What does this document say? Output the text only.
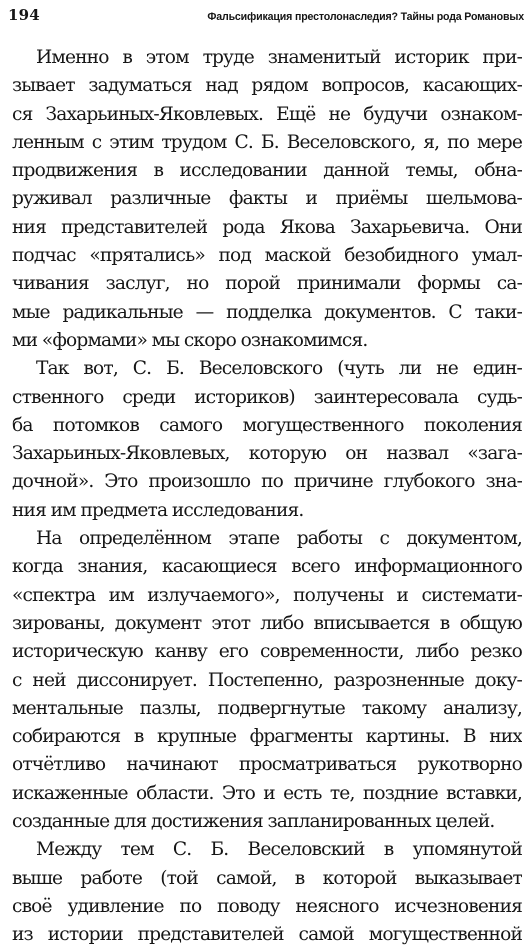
194	Фальсификация престолонаследия? Тайны рода Романовых

Именно в этом труде знаменитый историк при-
зывает задуматься над рядом вопросов, касающих-
ся Захарьиных-Яковлевых. Ещё не будучи ознаком-
ленным с этим трудом С. Б. Веселовского, я, по мере
продвижения в исследовании данной темы, обна-
руживал различные факты и приёмы шельмова-
ния представителей рода Якова Захарьевича. Они
подчас «прятались» под маской безобидного умал-
чивания заслуг, но порой принимали формы са-
мые радикальные — подделка документов. С таки-
ми «формами» мы скоро ознакомимся.

Так вот, С. Б. Веселовского (чуть ли не един-
ственного среди историков) заинтересовала судь-
ба потомков самого могущественного поколения
Захарьиных-Яковлевых, которую он назвал «зага-
дочной». Это произошло по причине глубокого зна-
ния им предмета исследования.

На определённом этапе работы с документом,
когда знания, касающиеся всего информационного
«спектра им излучаемого», получены и системати-
зированы, документ этот либо вписывается в общую
историческую канву его современности, либо резко
с ней диссонирует. Постепенно, разрозненные доку-
ментальные пазлы, подвергнутые такому анализу,
собираются в крупные фрагменты картины. В них
отчётливо начинают просматриваться рукотворно
искаженные области. Это и есть те, поздние вставки,
созданные для достижения запланированных целей.

Между тем С. Б. Веселовский в упомянутой
выше работе (той самой, в которой выказывает
своё удивление по поводу неясного исчезновения
из истории представителей самой могущественной
